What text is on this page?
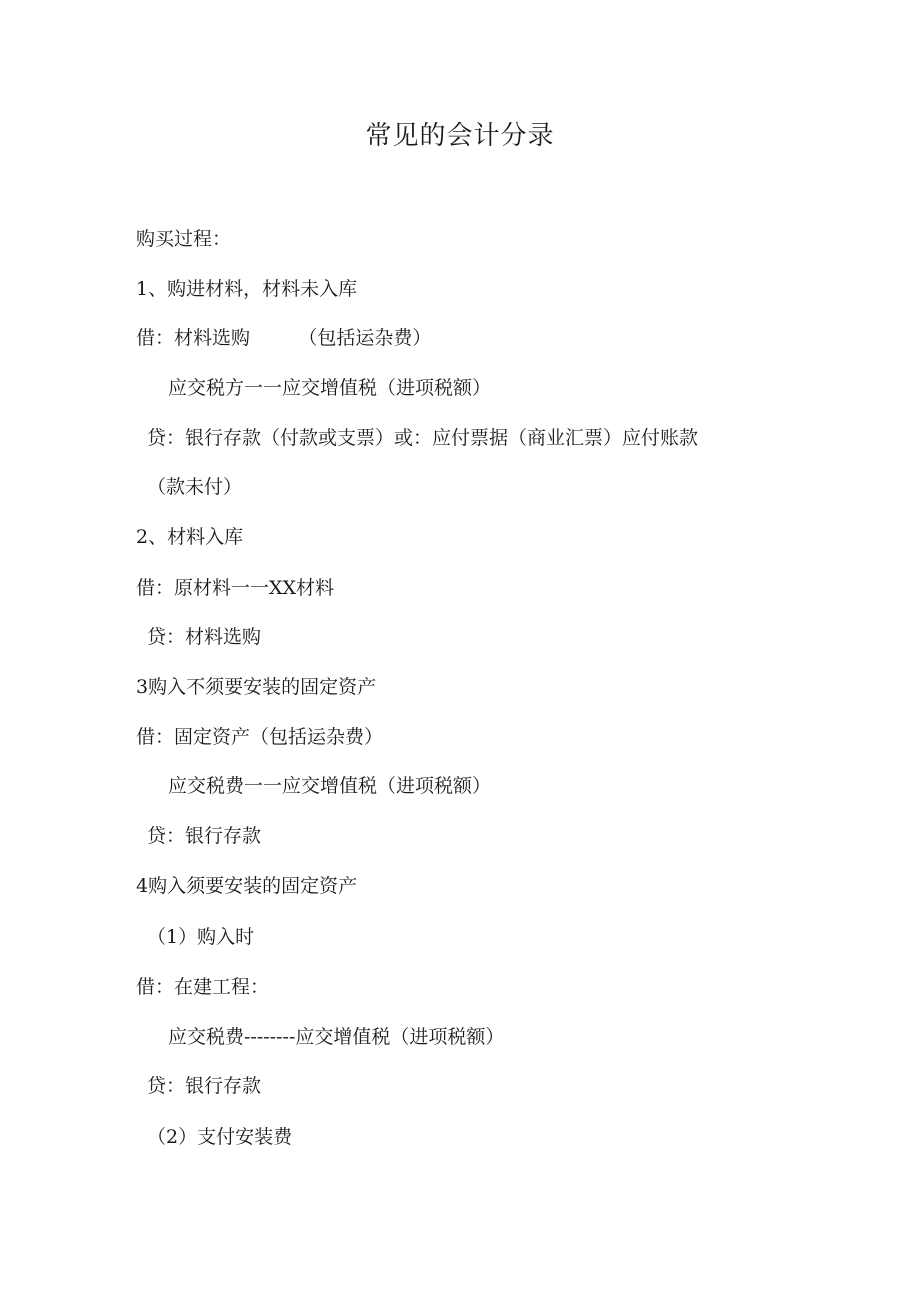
常见的会计分录
购买过程：
1、购进材料，材料未入库
借：材料选购        （包括运杂费）
应交税方一一应交增值税（进项税额）
贷：银行存款（付款或支票）或：应付票据（商业汇票）应付账款
（款未付）
2、材料入库
借：原材料一一XX材料
贷：材料选购
3购入不须要安装的固定资产
借：固定资产（包括运杂费）
应交税费一一应交增值税（进项税额）
贷：银行存款
4购入须要安装的固定资产
（1）购入时
借：在建工程：
应交税费--------应交增值税（进项税额）
贷：银行存款
（2）支付安装费
